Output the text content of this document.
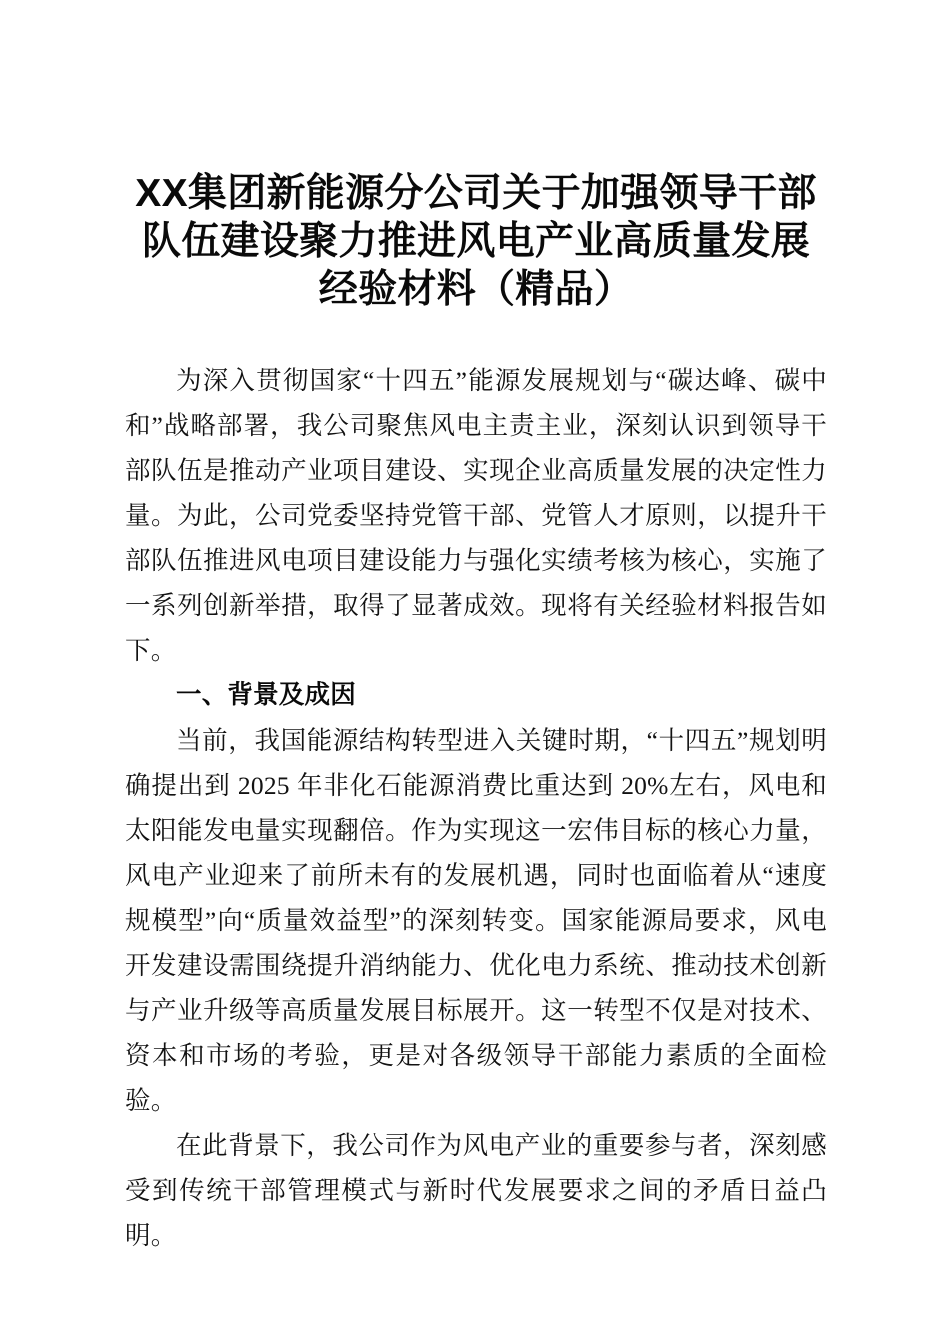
XX集团新能源分公司关于加强领导干部队伍建设聚力推进风电产业高质量发展经验材料（精品）

为深入贯彻国家“十四五”能源发展规划与“碳达峰、碳中和”战略部署，我公司聚焦风电主责主业，深刻认识到领导干部队伍是推动产业项目建设、实现企业高质量发展的决定性力量。为此，公司党委坚持党管干部、党管人才原则，以提升干部队伍推进风电项目建设能力与强化实绩考核为核心，实施了一系列创新举措，取得了显著成效。现将有关经验材料报告如下。

一、背景及成因

当前，我国能源结构转型进入关键时期，“十四五”规划明确提出到 2025 年非化石能源消费比重达到 20%左右，风电和太阳能发电量实现翻倍。作为实现这一宏伟目标的核心力量，风电产业迎来了前所未有的发展机遇，同时也面临着从“速度规模型”向“质量效益型”的深刻转变。国家能源局要求，风电开发建设需围绕提升消纳能力、优化电力系统、推动技术创新与产业升级等高质量发展目标展开。这一转型不仅是对技术、资本和市场的考验，更是对各级领导干部能力素质的全面检验。

在此背景下，我公司作为风电产业的重要参与者，深刻感受到传统干部管理模式与新时代发展要求之间的矛盾日益凸明。
